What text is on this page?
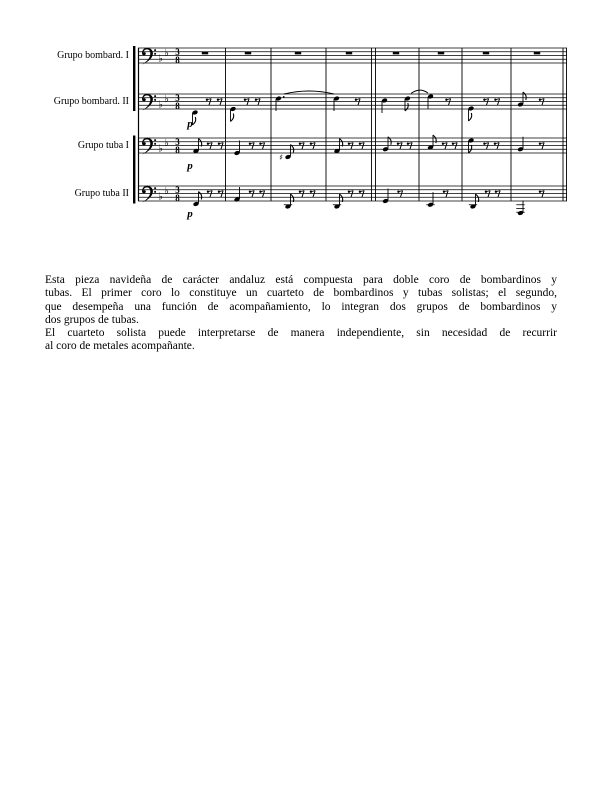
♭
♭ 3
8
♭
♭ 3
8
p
♭
♭ 3
8
p
♯
♭
♭ 3
8
p
Grupo bombard. I
Grupo bombard. II
Grupo tuba I
Grupo tuba II
Esta pieza navideña de carácter andaluz está compuesta para doble coro de bombardinos y
tubas. El primer coro lo constituye un cuarteto de bombardinos y tubas solistas; el segundo,
que desempeña una función de acompañamiento, lo integran dos grupos de bombardinos y
dos grupos de tubas.
El cuarteto solista puede interpretarse de manera independiente, sin necesidad de recurrir
al coro de metales acompañante.
